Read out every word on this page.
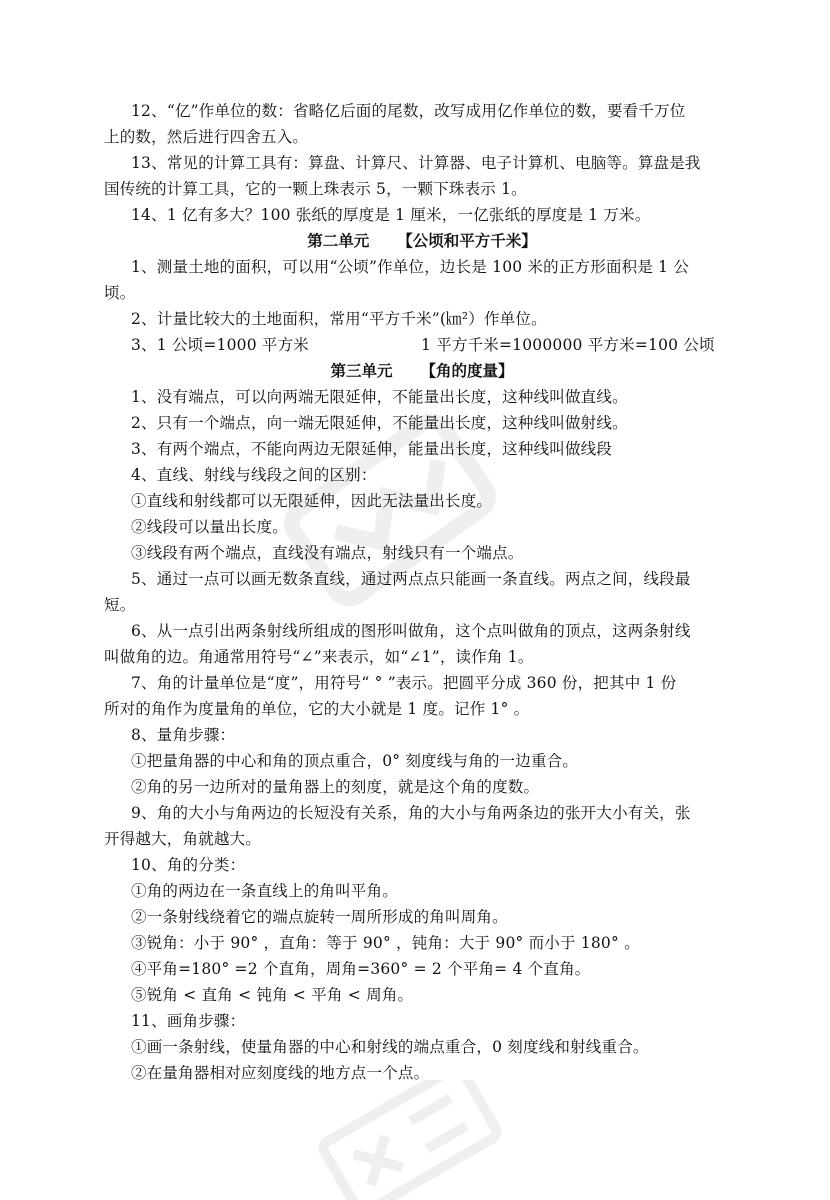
12、“亿”作单位的数：省略亿后面的尾数，改写成用亿作单位的数，要看千万位

上的数，然后进行四舍五入。

13、常见的计算工具有：算盘、计算尺、计算器、电子计算机、电脑等。算盘是我

国传统的计算工具，它的一颗上珠表示 5，一颗下珠表示 1。

14、1 亿有多大？100 张纸的厚度是 1 厘米，一亿张纸的厚度是 1 万米。

第二单元 【公顷和平方千米】

1、测量土地的面积，可以用“公顷”作单位，边长是 100 米的正方形面积是 1 公

顷。

2、计量比较大的土地面积，常用“平方千米”(㎞²）作单位。

3、1 公顷=1000 平方米	1 平方千米=1000000 平方米=100 公顷
第三单元 【角的度量】

1、没有端点，可以向两端无限延伸，不能量出长度，这种线叫做直线。

2、只有一个端点，向一端无限延伸，不能量出长度，这种线叫做射线。

3、有两个端点，不能向两边无限延伸，能量出长度，这种线叫做线段

4、直线、射线与线段之间的区别：

①直线和射线都可以无限延伸，因此无法量出长度。

②线段可以量出长度。

③线段有两个端点，直线没有端点，射线只有一个端点。

5、通过一点可以画无数条直线，通过两点点只能画一条直线。两点之间，线段最

短。

6、从一点引出两条射线所组成的图形叫做角，这个点叫做角的顶点，这两条射线

叫做角的边。角通常用符号“∠”来表示，如“∠1”，读作角 1。

7、角的计量单位是“度”，用符号“ ° ”表示。把圆平分成 360 份，把其中 1 份

所对的角作为度量角的单位，它的大小就是 1 度。记作 1° 。

8、量角步骤：

①把量角器的中心和角的顶点重合，0° 刻度线与角的一边重合。

②角的另一边所对的量角器上的刻度，就是这个角的度数。

9、角的大小与角两边的长短没有关系，角的大小与角两条边的张开大小有关，张

开得越大，角就越大。

10、角的分类：

①角的两边在一条直线上的角叫平角。

②一条射线绕着它的端点旋转一周所形成的角叫周角。

③锐角：小于 90° ，直角：等于 90° ，钝角：大于 90° 而小于 180° 。

④平角=180° =2 个直角，周角=360° = 2 个平角= 4 个直角。

⑤锐角 < 直角 < 钝角 < 平角 < 周角。

11、画角步骤：

①画一条射线，使量角器的中心和射线的端点重合，0 刻度线和射线重合。

②在量角器相对应刻度线的地方点一个点。
